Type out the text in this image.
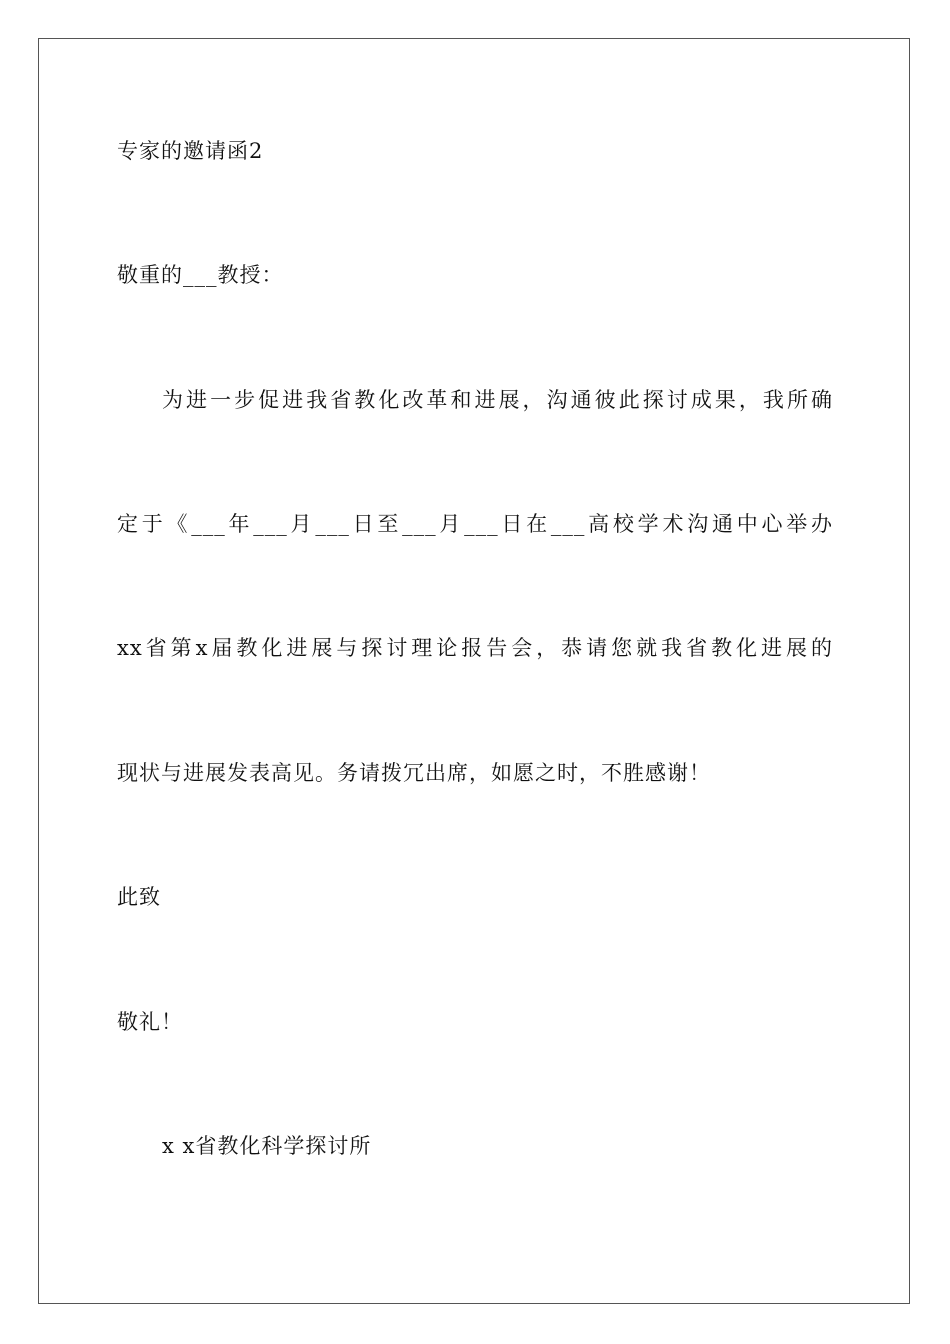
专家的邀请函2
敬重的___教授：
为进一步促进我省教化改革和进展，沟通彼此探讨成果，我所确
定于《___年___月___日至___月___日在___高校学术沟通中心举办
xx省第x届教化进展与探讨理论报告会，恭请您就我省教化进展的
现状与进展发表高见。务请拨冗出席，如愿之时，不胜感谢！
此致
敬礼！
x x省教化科学探讨所
